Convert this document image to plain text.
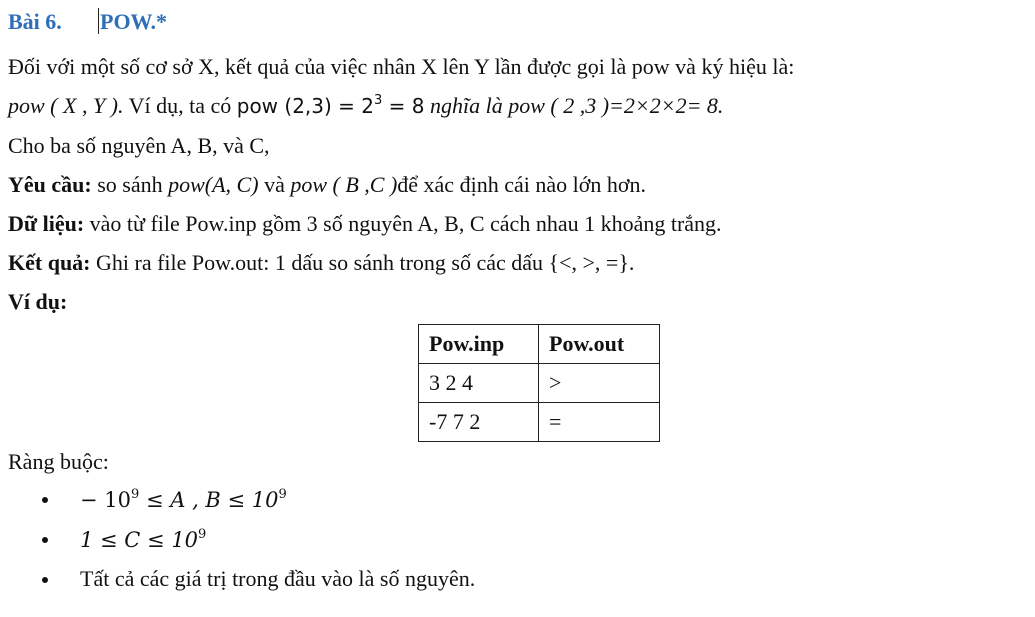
Bài 6. POW.*
Đối với một số cơ sở X, kết quả của việc nhân X lên Y lần được gọi là pow và ký hiệu là:
pow ( X , Y ). Ví dụ, ta có pow $(2,3) = 2^3 = 8$ nghĩa là pow ( 2 ,3 )=2×2×2= 8.
Cho ba số nguyên A, B, và C,
Yêu cầu: so sánh pow(A, C) và pow ( B ,C )để xác định cái nào lớn hơn.
Dữ liệu: vào từ file Pow.inp gồm 3 số nguyên A, B, C cách nhau 1 khoảng trắng.
Kết quả: Ghi ra file Pow.out: 1 dấu so sánh trong số các dấu {<, >, =}.
Ví dụ:
Pow.inp	Pow.out
3 2 4	>
-7 7 2	=
Ràng buộc:
− $10^9 \le A$ , $B \le 10^9$
$1 \le C \le 10^9$
Tất cả các giá trị trong đầu vào là số nguyên.
